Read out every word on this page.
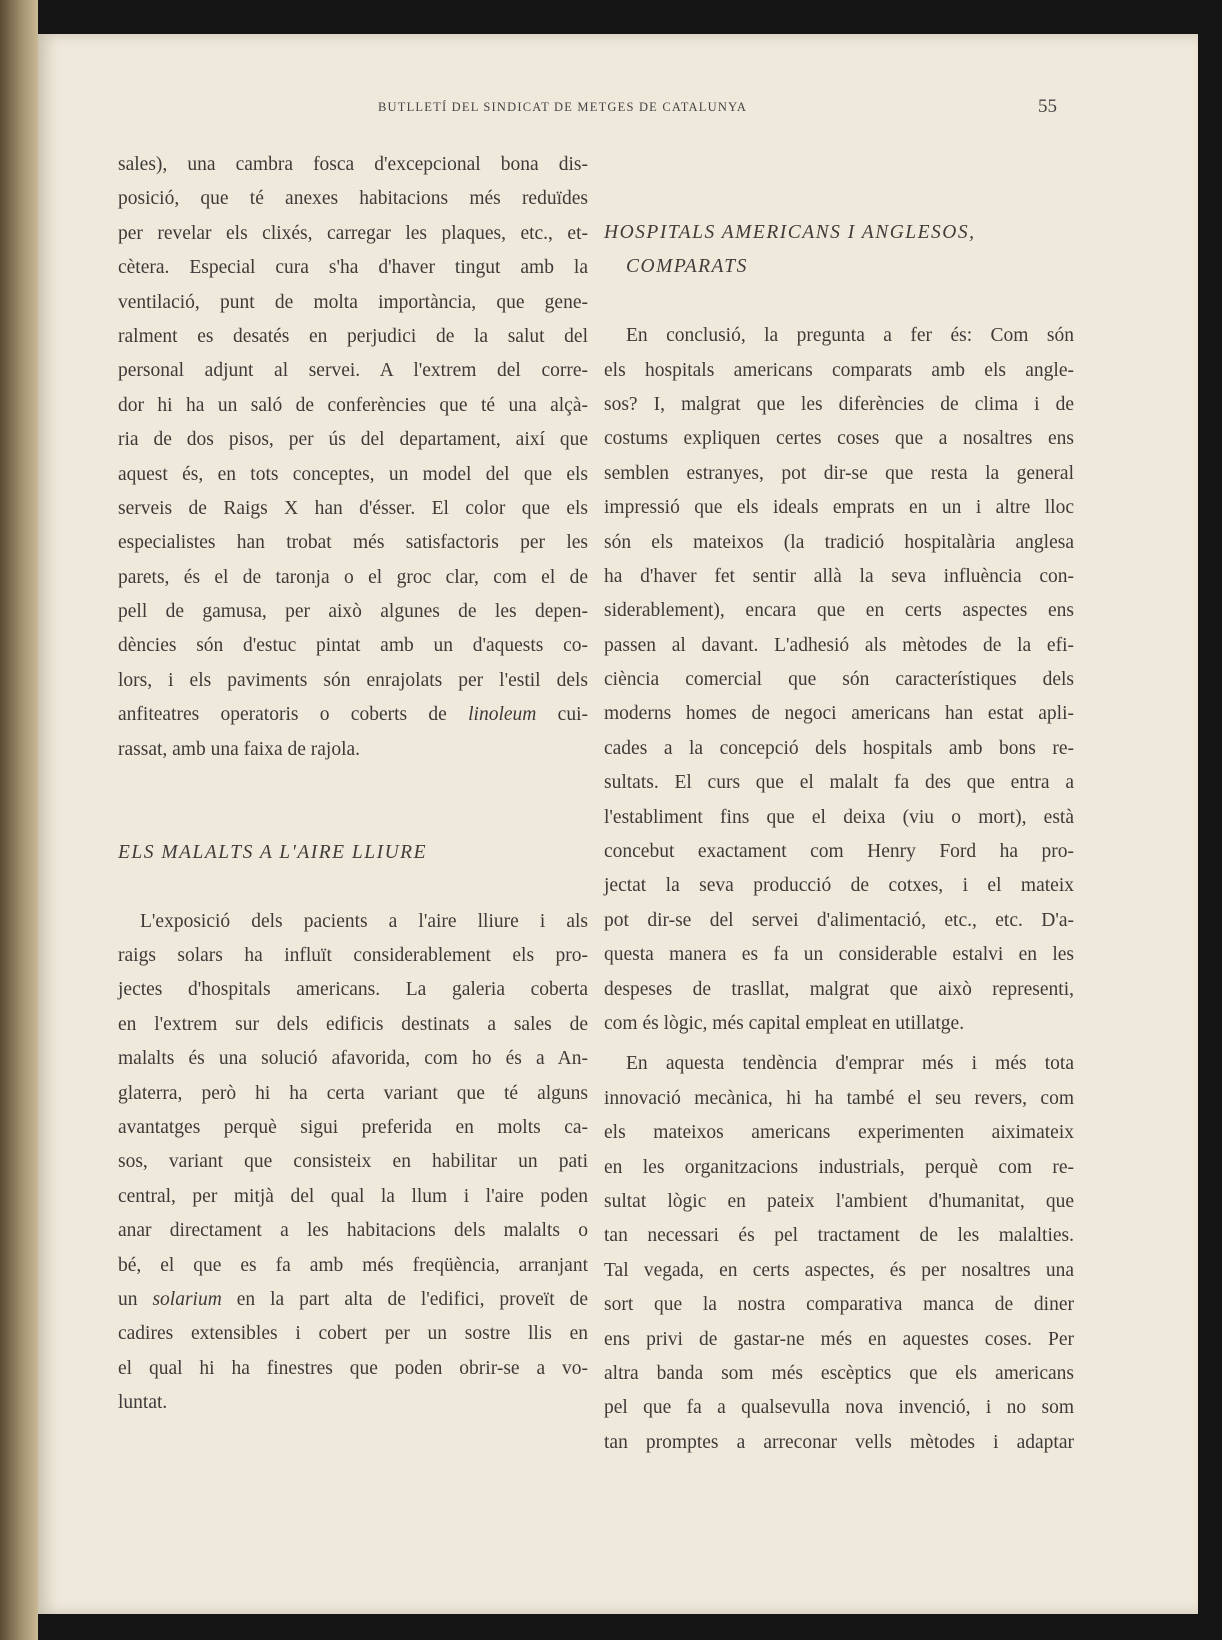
BUTLLETÍ DEL SINDICAT DE METGES DE CATALUNYA	55
sales), una cambra fosca d'excepcional bona dis-
posició, que té anexes habitacions més reduïdes
per revelar els clixés, carregar les plaques, etc., et-
cètera. Especial cura s'ha d'haver tingut amb la
ventilació, punt de molta importància, que gene-
ralment es desatés en perjudici de la salut del
personal adjunt al servei. A l'extrem del corre-
dor hi ha un saló de conferències que té una alçà-
ria de dos pisos, per ús del departament, així que
aquest és, en tots conceptes, un model del que els
serveis de Raigs X han d'ésser. El color que els
especialistes han trobat més satisfactoris per les
parets, és el de taronja o el groc clar, com el de
pell de gamusa, per això algunes de les depen-
dències són d'estuc pintat amb un d'aquests co-
lors, i els paviments són enrajolats per l'estil dels
anfiteatres operatoris o coberts de linoleum cui-
rassat, amb una faixa de rajola.
ELS MALALTS A L'AIRE LLIURE
L'exposició dels pacients a l'aire lliure i als
raigs solars ha influït considerablement els pro-
jectes d'hospitals americans. La galeria coberta
en l'extrem sur dels edificis destinats a sales de
malalts és una solució afavorida, com ho és a An-
glaterra, però hi ha certa variant que té alguns
avantatges perquè sigui preferida en molts ca-
sos, variant que consisteix en habilitar un pati
central, per mitjà del qual la llum i l'aire poden
anar directament a les habitacions dels malalts o
bé, el que es fa amb més freqüència, arranjant
un solarium en la part alta de l'edifici, proveït de
cadires extensibles i cobert per un sostre llis en
el qual hi ha finestres que poden obrir-se a vo-
luntat.
HOSPITALS AMERICANS I ANGLESOS,
COMPARATS
En conclusió, la pregunta a fer és: Com són
els hospitals americans comparats amb els angle-
sos? I, malgrat que les diferències de clima i de
costums expliquen certes coses que a nosaltres ens
semblen estranyes, pot dir-se que resta la general
impressió que els ideals emprats en un i altre lloc
són els mateixos (la tradició hospitalària anglesa
ha d'haver fet sentir allà la seva influència con-
siderablement), encara que en certs aspectes ens
passen al davant. L'adhesió als mètodes de la efi-
ciència comercial que són característiques dels
moderns homes de negoci americans han estat apli-
cades a la concepció dels hospitals amb bons re-
sultats. El curs que el malalt fa des que entra a
l'establiment fins que el deixa (viu o mort), està
concebut exactament com Henry Ford ha pro-
jectat la seva producció de cotxes, i el mateix
pot dir-se del servei d'alimentació, etc., etc. D'a-
questa manera es fa un considerable estalvi en les
despeses de trasllat, malgrat que això representi,
com és lògic, més capital empleat en utillatge.
En aquesta tendència d'emprar més i més tota
innovació mecànica, hi ha també el seu revers, com
els mateixos americans experimenten aiximateix
en les organitzacions industrials, perquè com re-
sultat lògic en pateix l'ambient d'humanitat, que
tan necessari és pel tractament de les malalties.
Tal vegada, en certs aspectes, és per nosaltres una
sort que la nostra comparativa manca de diner
ens privi de gastar-ne més en aquestes coses. Per
altra banda som més escèptics que els americans
pel que fa a qualsevulla nova invenció, i no som
tan promptes a arreconar vells mètodes i adaptar
